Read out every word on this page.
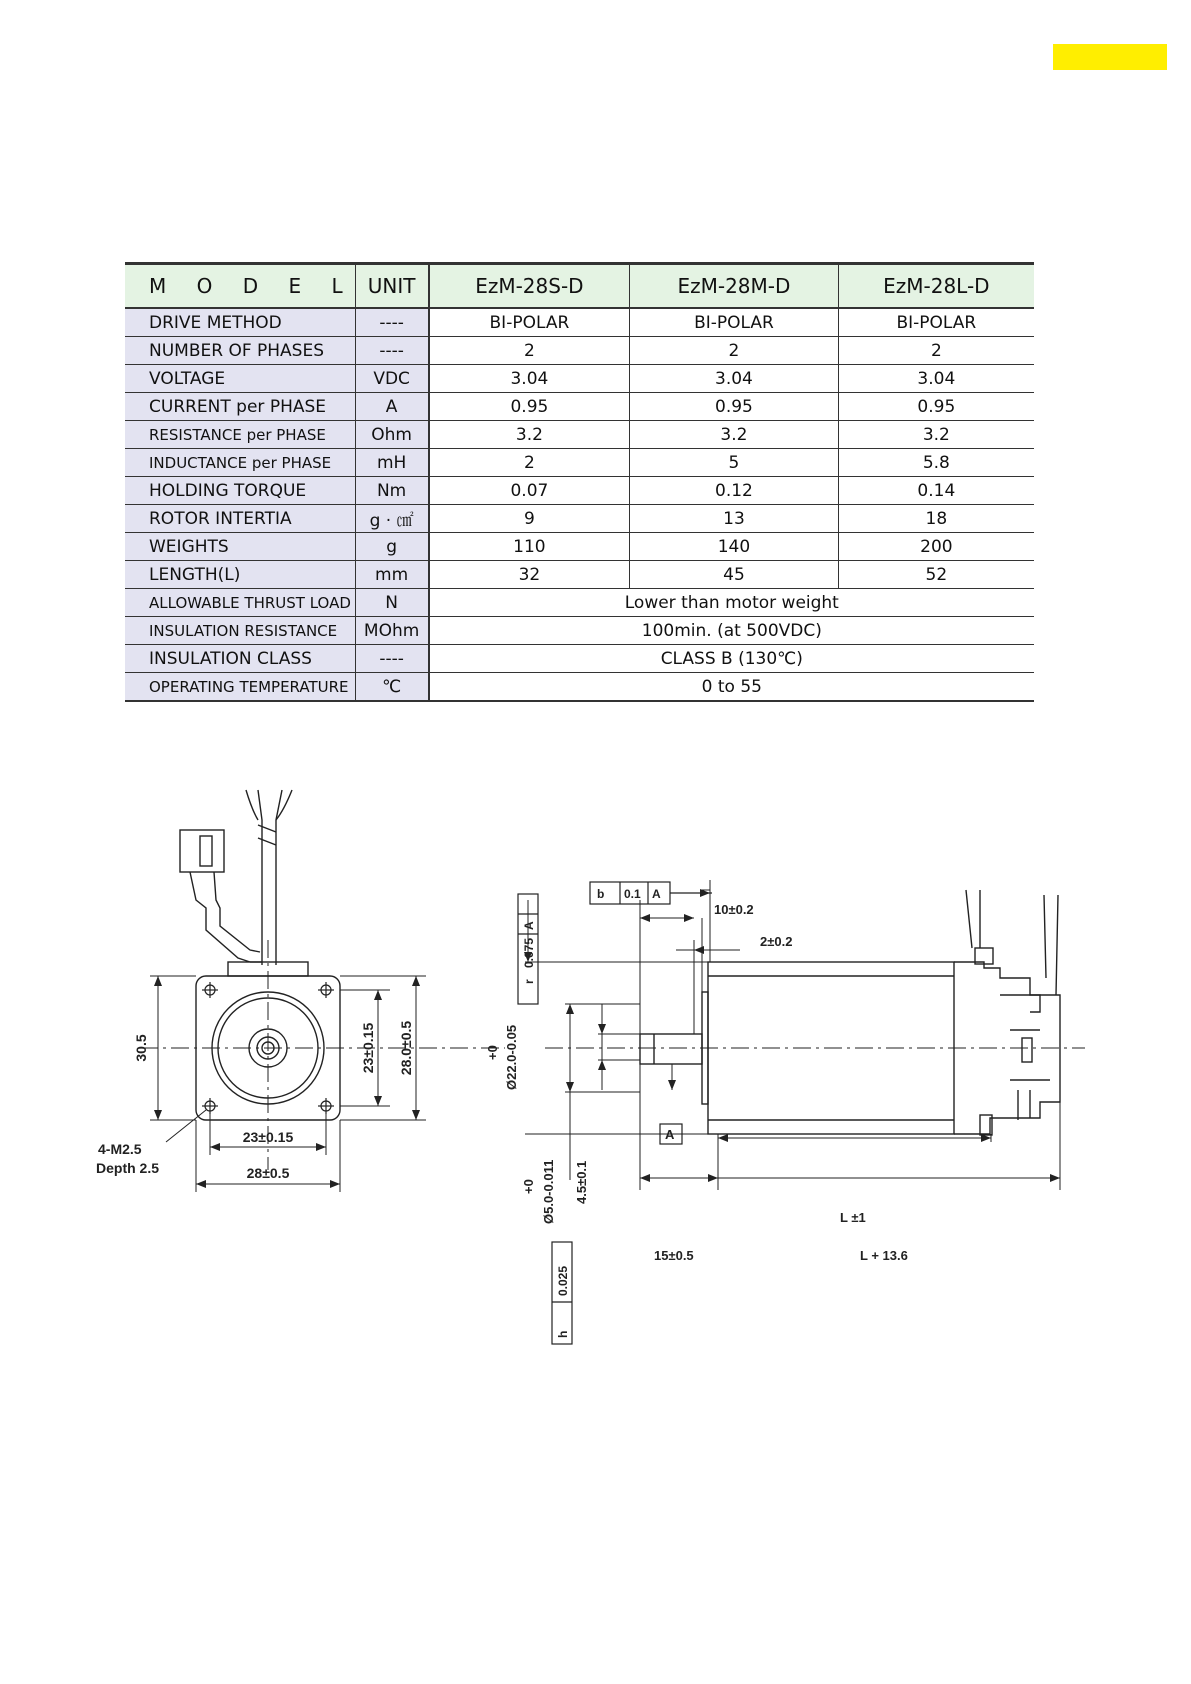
M O D E L	UNIT	EzM-28S-D	EzM-28M-D	EzM-28L-D
DRIVE METHOD	----	BI-POLAR	BI-POLAR	BI-POLAR
NUMBER OF PHASES	----	2	2	2
VOLTAGE	VDC	3.04	3.04	3.04
CURRENT per PHASE	A	0.95	0.95	0.95
RESISTANCE per PHASE	Ohm	3.2	3.2	3.2
INDUCTANCE per PHASE	mH	2	5	5.8
HOLDING TORQUE	Nm	0.07	0.12	0.14
ROTOR INTERTIA	g · ㎠	9	13	18
WEIGHTS	g	110	140	200
LENGTH(L)	mm	32	45	52
ALLOWABLE THRUST LOAD	N	Lower than motor weight		
INSULATION RESISTANCE	MOhm	100min. (at 500VDC)		
INSULATION CLASS	----	CLASS B (130℃)		
OPERATING TEMPERATURE	℃	0 to 55		
30.5	23±0.15 28.0±0.5
23±0.15
28±0.5
4-M2.5
Depth 2.5
r
0.075
A
b 0.1 A
10±0.2
2±0.2
+0 Ø22.0-0.05
+0 Ø5.0-0.011 4.5±0.1
h
0.025
A
15±0.5
L ±1
L + 13.6
